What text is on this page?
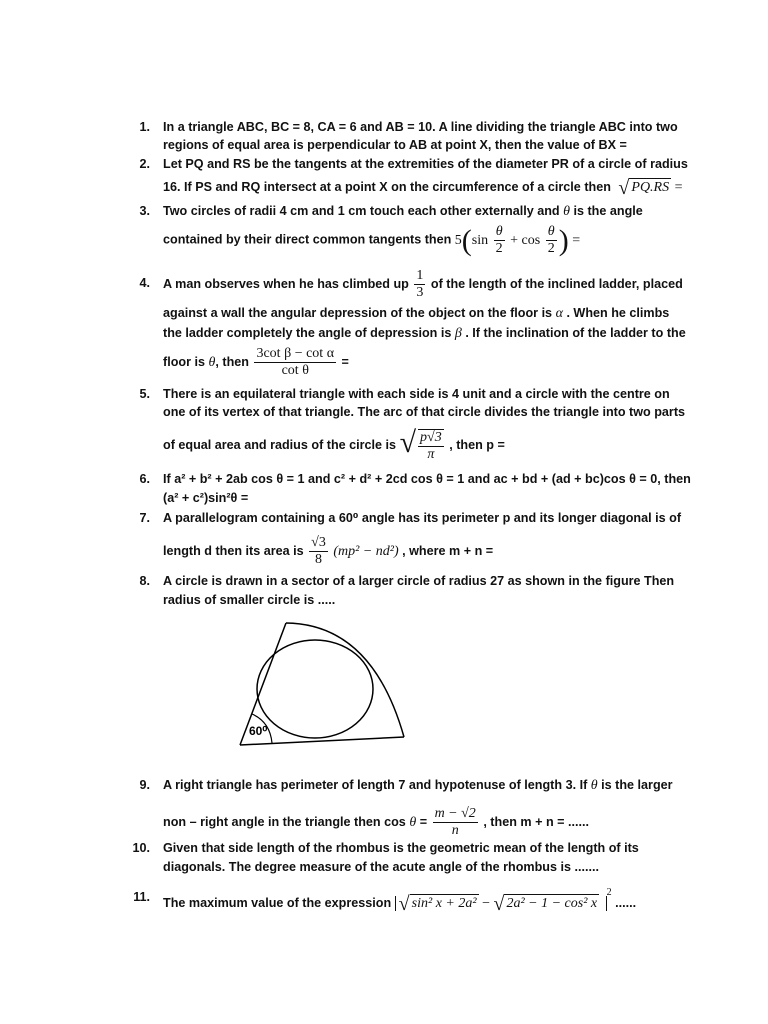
1. In a triangle ABC, BC = 8, CA = 6 and AB = 10. A line dividing the triangle ABC into two
regions of equal area is perpendicular to AB at point X, then the value of BX =
2. Let PQ and RS be the tangents at the extremities of the diameter PR of a circle of radius
16. If PS and RQ intersect at a point X on the circumference of a circle then √ PQ.RS =
3. Two circles of radii 4 cm and 1 cm touch each other externally and θ is the angle
contained by their direct common tangents then $5(\sin \frac{\theta}{2} + \cos \frac{\theta}{2}$ ) =
4. A man observes when he has climbed up $\frac{1}{3}$ of the length of the inclined ladder, placed
against a wall the angular depression of the object on the floor is α . When he climbs
the ladder completely the angle of depression is β . If the inclination of the ladder to the
floor is θ, then $\frac{\text{3cot β − cot α}}{\text{cot θ}}$ =
5. There is an equilateral triangle with each side is 4 unit and a circle with the centre on
one of its vertex of that triangle. The arc of that circle divides the triangle into two parts
of equal area and radius of the circle is √ $\frac{p√3}{\pi}$ , then p =
6. If a² + b² + 2ab cos θ = 1 and c² + d² + 2cd cos θ = 1 and ac + bd + (ad + bc)cos θ = 0, then
(a² + c²)sin²θ =
7. A parallelogram containing a 60⁰ angle has its perimeter p and its longer diagonal is of
length d then its area is $\frac{√3}{8} (mp^2 - nd^2)$ , where m + n =
8. A circle is drawn in a sector of a larger circle of radius 27 as shown in the figure Then
radius of smaller circle is .....
60⁰
9. A right triangle has perimeter of length 7 and hypotenuse of length 3. If θ is the larger
non – right angle in the triangle then $\cos \theta = \frac{m - √2}{n}$ , then m + n = ......
10. Given that side length of the rhombus is the geometric mean of the length of its
diagonals. The degree measure of the acute angle of the rhombus is .......
11. The maximum value of the expression √ sin² x + 2a² − √ 2a² − 1 − cos² x $^2$ ......
